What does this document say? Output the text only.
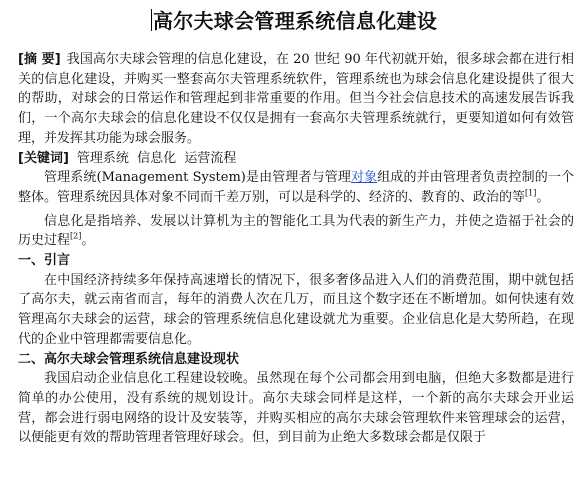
高尔夫球会管理系统信息化建设

[摘 要] 我国高尔夫球会管理的信息化建设，在 20 世纪 90 年代初就开始，很多球会都在进行相关的信息化建设，并购买一整套高尔夫管理系统软件，管理系统也为球会信息化建设提供了很大的帮助，对球会的日常运作和管理起到非常重要的作用。但当今社会信息技术的高速发展告诉我们，一个高尔夫球会的信息化建设不仅仅是拥有一套高尔夫管理系统就行，更要知道如何有效管理，并发挥其功能为球会服务。

[关键词] 管理系统  信息化  运营流程

管理系统(Management System)是由管理者与管理对象组成的并由管理者负责控制的一个整体。管理系统因具体对象不同而千差万别，可以是科学的、经济的、教育的、政治的等[1]。

信息化是指培养、发展以计算机为主的智能化工具为代表的新生产力，并使之造福于社会的历史过程[2]。

一、引言

在中国经济持续多年保持高速增长的情况下，很多奢侈品进入人们的消费范围，期中就包括了高尔夫，就云南省而言，每年的消费人次在几万，而且这个数字还在不断增加。如何快速有效管理高尔夫球会的运营，球会的管理系统信息化建设就尤为重要。企业信息化是大势所趋，在现代的企业中管理都需要信息化。

二、高尔夫球会管理系统信息建设现状

我国启动企业信息化工程建设较晚。虽然现在每个公司都会用到电脑，但绝大多数都是进行简单的办公使用，没有系统的规划设计。高尔夫球会同样是这样，一个新的高尔夫球会开业运营，都会进行弱电网络的设计及安装等，并购买相应的高尔夫球会管理软件来管理球会的运营，以便能更有效的帮助管理者管理好球会。但，到目前为止绝大多数球会都是仅限于
